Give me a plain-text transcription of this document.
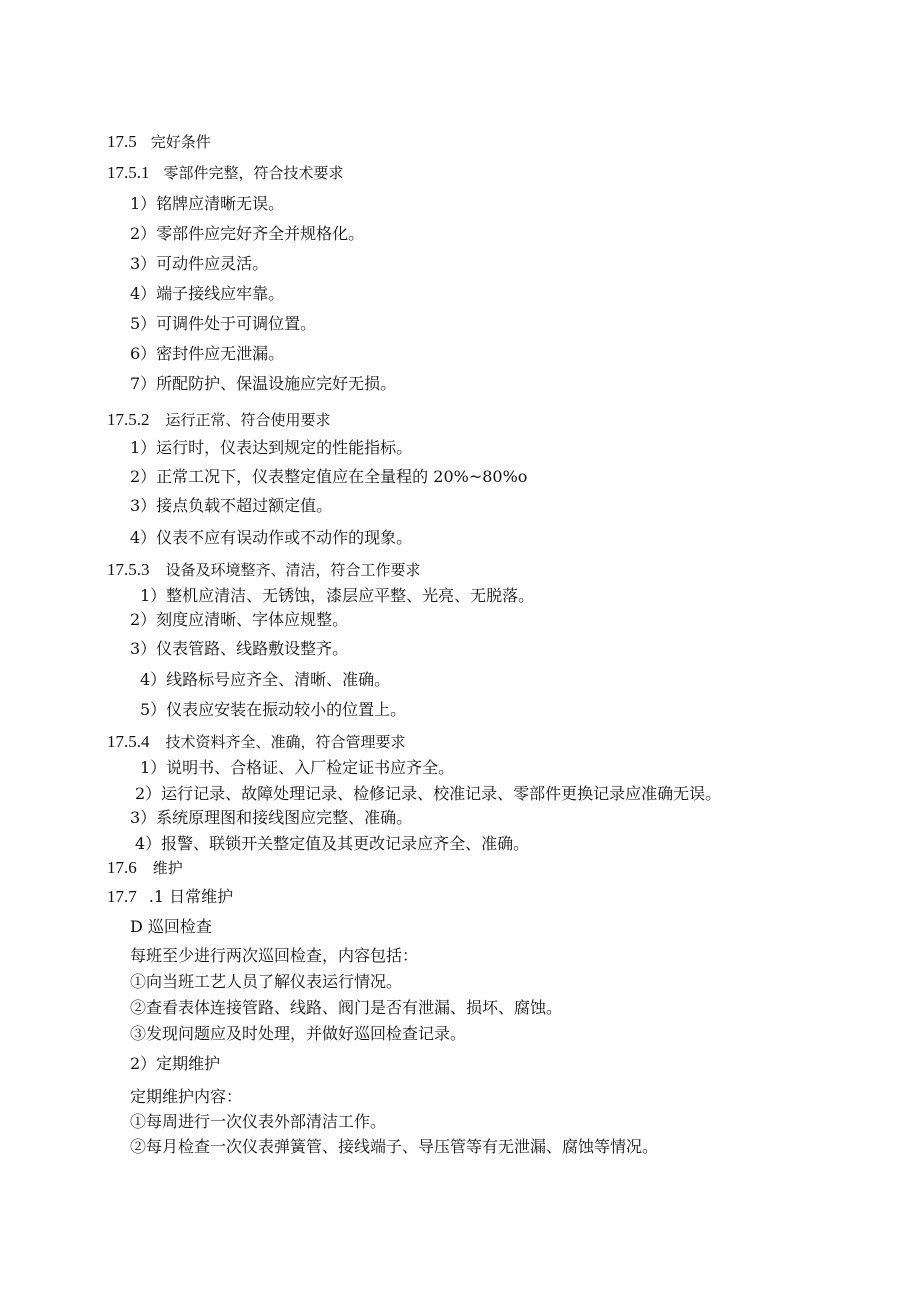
17.5 完好条件
17.5.1 零部件完整，符合技术要求
1）铭牌应清晰无误。
2）零部件应完好齐全并规格化。
3）可动件应灵活。
4）端子接线应牢靠。
5）可调件处于可调位置。
6）密封件应无泄漏。
7）所配防护、保温设施应完好无损。
17.5.2 运行正常、符合使用要求
1）运行时，仪表达到规定的性能指标。
2）正常工况下，仪表整定值应在全量程的 20%~80%o
3）接点负载不超过额定值。
4）仪表不应有误动作或不动作的现象。
17.5.3 设备及环境整齐、清洁，符合工作要求
1）整机应清洁、无锈蚀，漆层应平整、光亮、无脱落。
2）刻度应清晰、字体应规整。
3）仪表管路、线路敷设整齐。
4）线路标号应齐全、清晰、准确。
5）仪表应安装在振动较小的位置上。
17.5.4 技术资料齐全、准确，符合管理要求
1）说明书、合格证、入厂检定证书应齐全。
2）运行记录、故障处理记录、检修记录、校准记录、零部件更换记录应准确无误。
3）系统原理图和接线图应完整、准确。
4）报警、联锁开关整定值及其更改记录应齐全、准确。
17.6 维护
17.7 .1 日常维护
D 巡回检查
每班至少进行两次巡回检查，内容包括：
①向当班工艺人员了解仪表运行情况。
②查看表体连接管路、线路、阀门是否有泄漏、损坏、腐蚀。
③发现问题应及时处理，并做好巡回检查记录。
2）定期维护
定期维护内容：
①每周进行一次仪表外部清洁工作。
②每月检查一次仪表弹簧管、接线端子、导压管等有无泄漏、腐蚀等情况。
